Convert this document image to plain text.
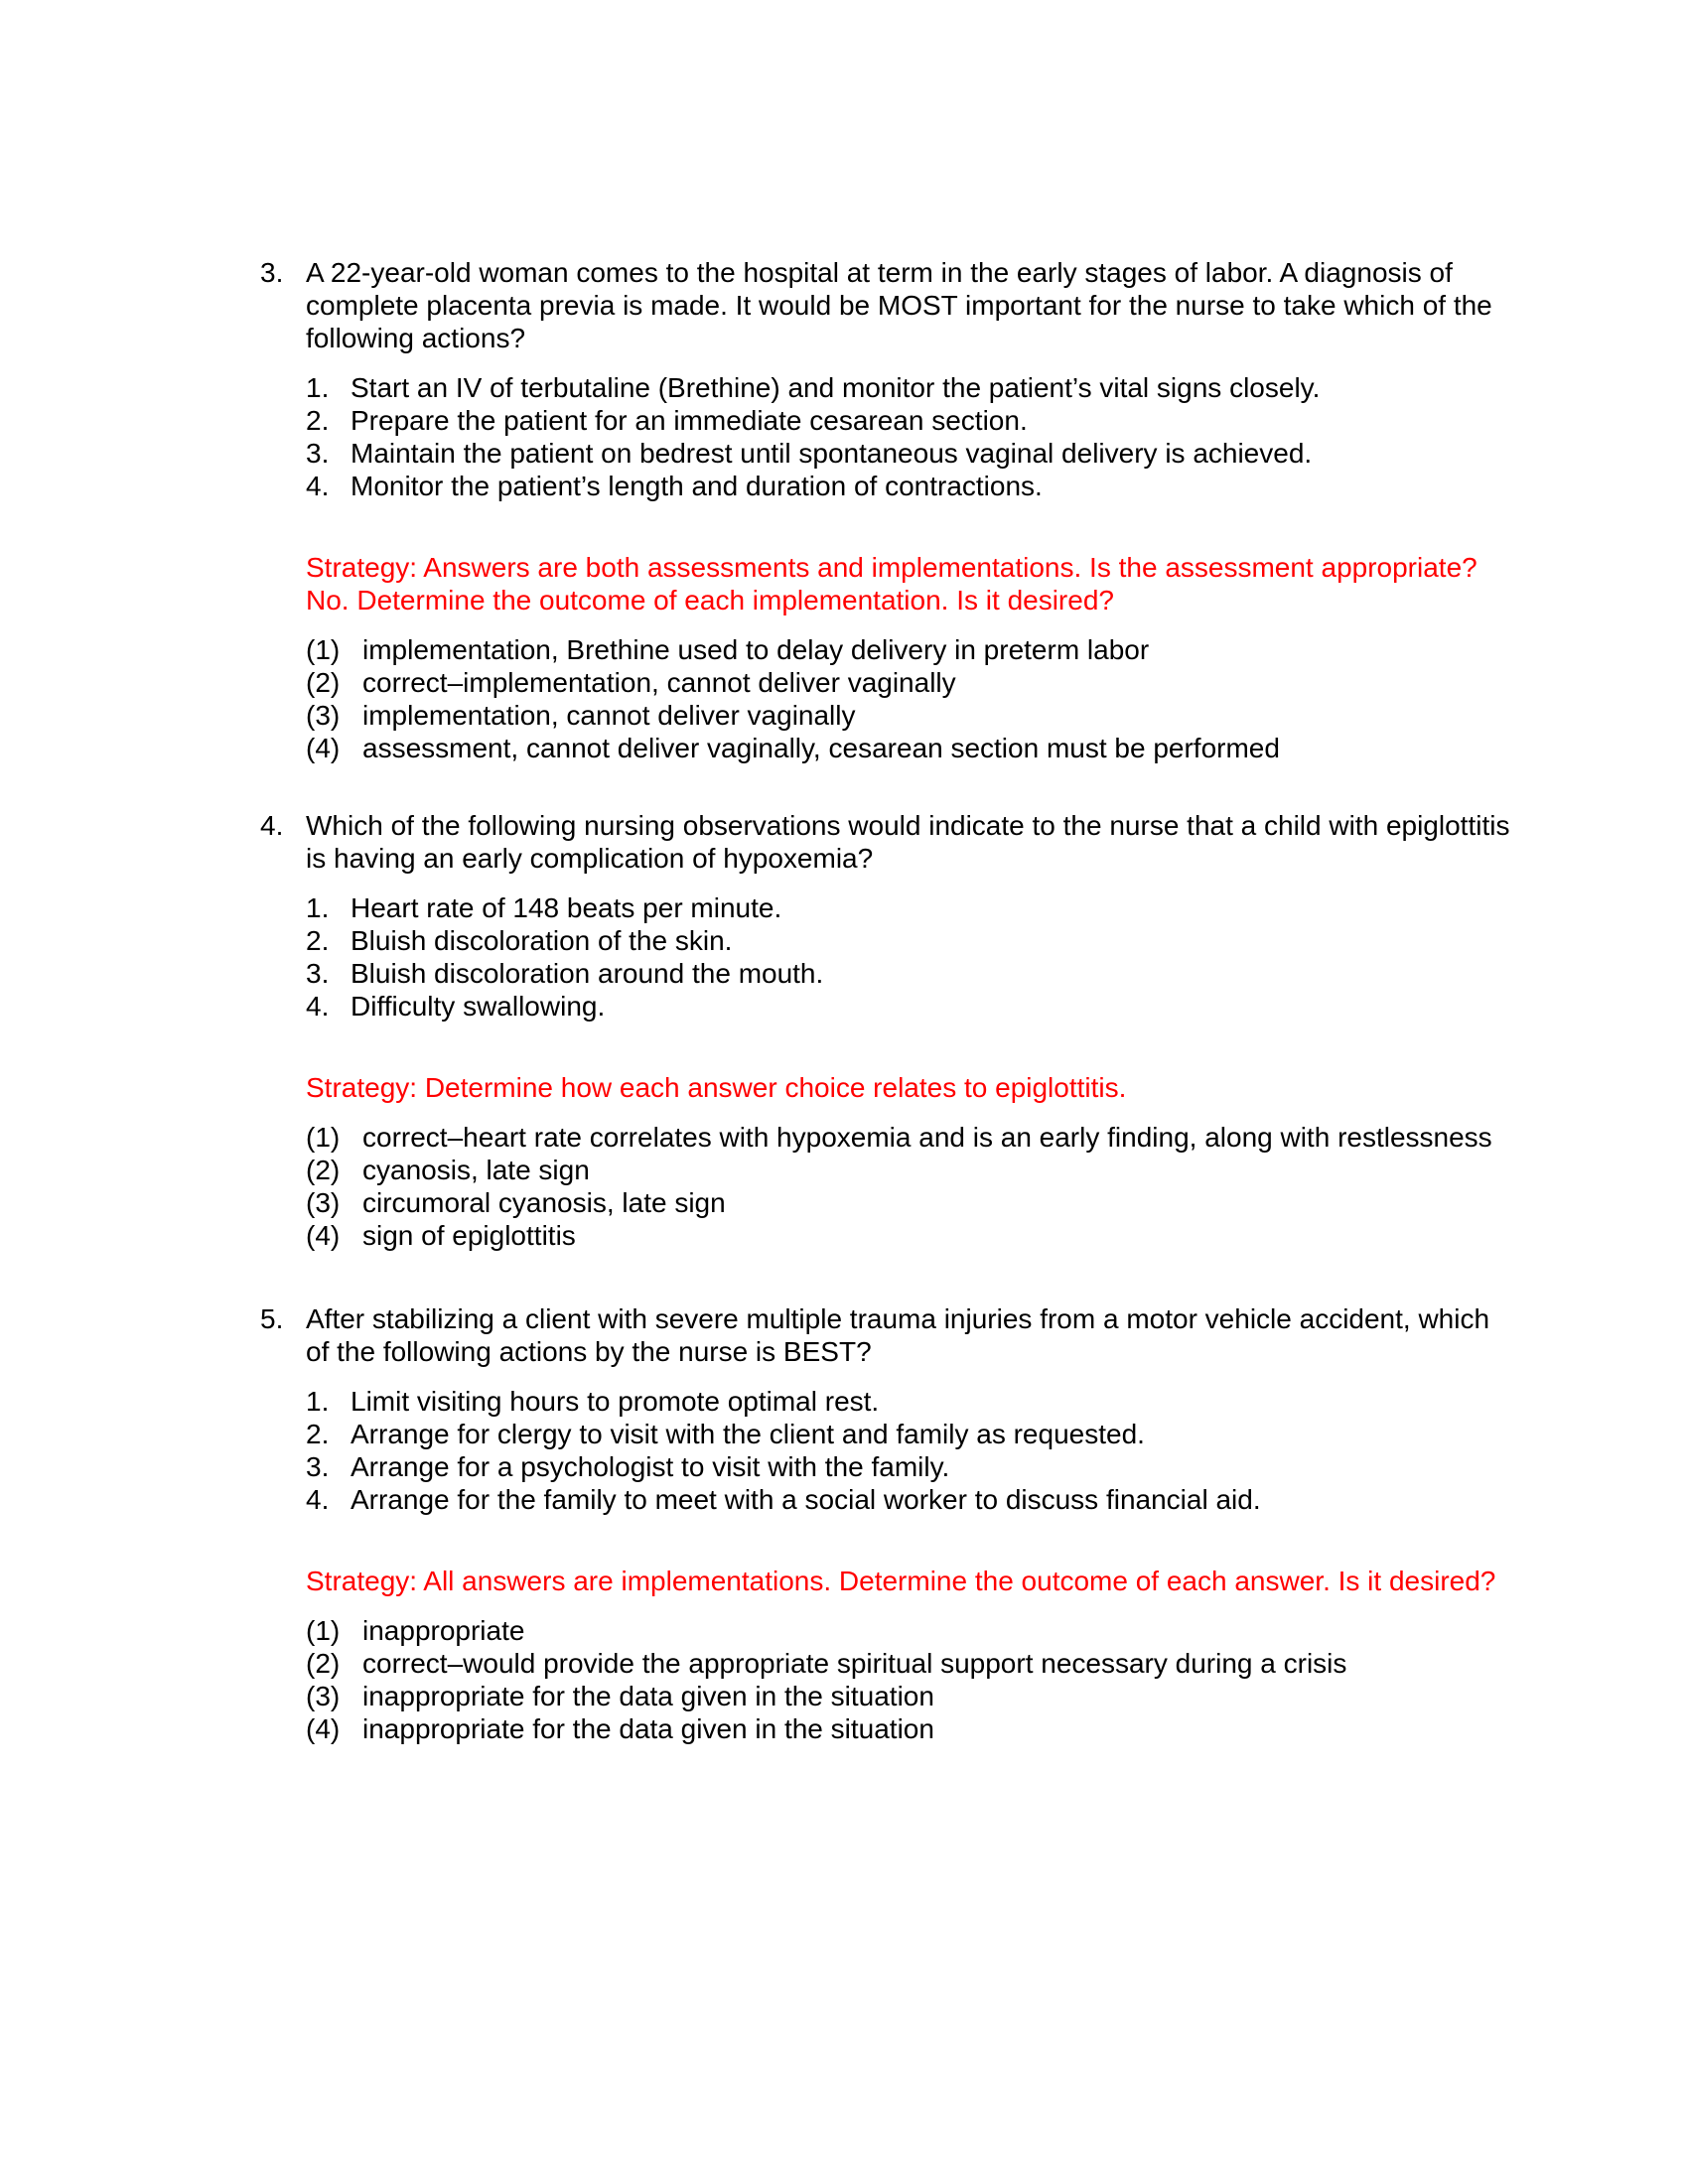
3. A 22-year-old woman comes to the hospital at term in the early stages of labor. A diagnosis of complete placenta previa is made. It would be MOST important for the nurse to take which of the following actions?
1. Start an IV of terbutaline (Brethine) and monitor the patient’s vital signs closely.
2. Prepare the patient for an immediate cesarean section.
3. Maintain the patient on bedrest until spontaneous vaginal delivery is achieved.
4. Monitor the patient’s length and duration of contractions.
Strategy: Answers are both assessments and implementations. Is the assessment appropriate? No. Determine the outcome of each implementation. Is it desired?
(1) implementation, Brethine used to delay delivery in preterm labor
(2) correct–implementation, cannot deliver vaginally
(3) implementation, cannot deliver vaginally
(4) assessment, cannot deliver vaginally, cesarean section must be performed
4. Which of the following nursing observations would indicate to the nurse that a child with epiglottitis is having an early complication of hypoxemia?
1. Heart rate of 148 beats per minute.
2. Bluish discoloration of the skin.
3. Bluish discoloration around the mouth.
4. Difficulty swallowing.
Strategy: Determine how each answer choice relates to epiglottitis.
(1) correct–heart rate correlates with hypoxemia and is an early finding, along with restlessness
(2) cyanosis, late sign
(3) circumoral cyanosis, late sign
(4) sign of epiglottitis
5. After stabilizing a client with severe multiple trauma injuries from a motor vehicle accident, which of the following actions by the nurse is BEST?
1. Limit visiting hours to promote optimal rest.
2. Arrange for clergy to visit with the client and family as requested.
3. Arrange for a psychologist to visit with the family.
4. Arrange for the family to meet with a social worker to discuss financial aid.
Strategy: All answers are implementations. Determine the outcome of each answer. Is it desired?
(1) inappropriate
(2) correct–would provide the appropriate spiritual support necessary during a crisis
(3) inappropriate for the data given in the situation
(4) inappropriate for the data given in the situation
